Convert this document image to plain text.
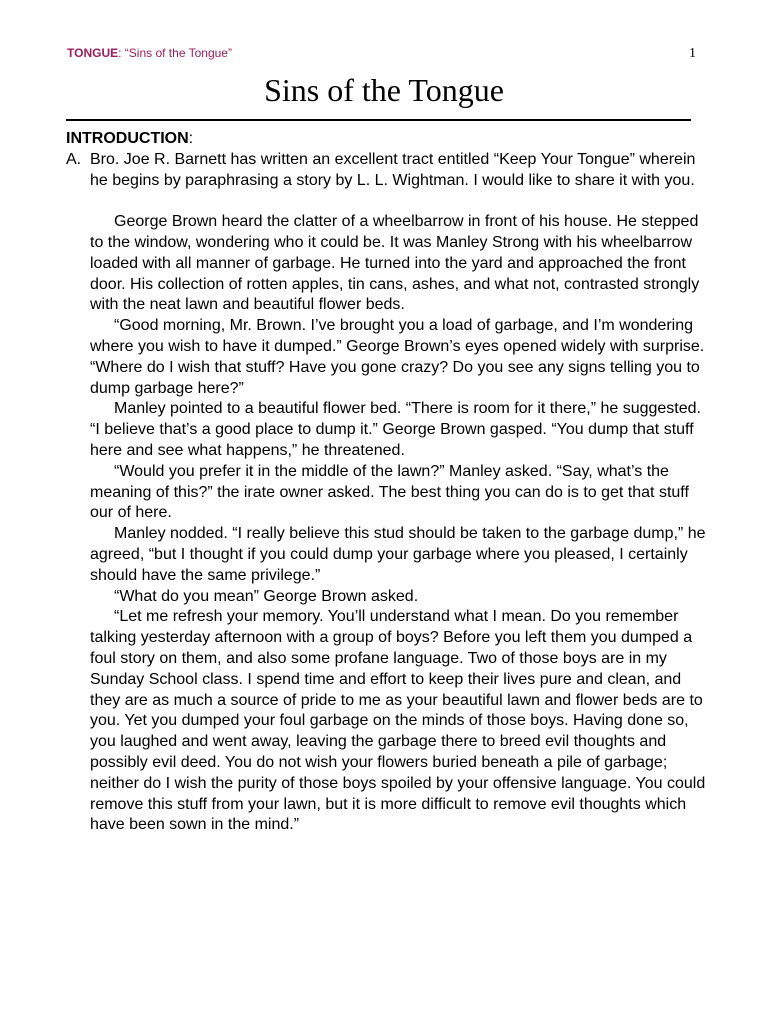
TONGUE: “Sins of the Tongue”	1
Sins of the Tongue

INTRODUCTION:

A. Bro. Joe R. Barnett has written an excellent tract entitled “Keep Your Tongue” wherein he begins by paraphrasing a story by L. L. Wightman. I would like to share it with you.

George Brown heard the clatter of a wheelbarrow in front of his house. He stepped to the window, wondering who it could be. It was Manley Strong with his wheelbarrow loaded with all manner of garbage. He turned into the yard and approached the front door. His collection of rotten apples, tin cans, ashes, and what not, contrasted strongly with the neat lawn and beautiful flower beds.

“Good morning, Mr. Brown. I’ve brought you a load of garbage, and I’m wondering where you wish to have it dumped.” George Brown’s eyes opened widely with surprise. “Where do I wish that stuff? Have you gone crazy? Do you see any signs telling you to dump garbage here?”

Manley pointed to a beautiful flower bed. “There is room for it there,” he suggested. “I believe that’s a good place to dump it.” George Brown gasped. “You dump that stuff here and see what happens,” he threatened.

“Would you prefer it in the middle of the lawn?” Manley asked. “Say, what’s the meaning of this?” the irate owner asked. The best thing you can do is to get that stuff our of here.

Manley nodded. “I really believe this stud should be taken to the garbage dump,” he agreed, “but I thought if you could dump your garbage where you pleased, I certainly should have the same privilege.”

“What do you mean” George Brown asked.

“Let me refresh your memory. You’ll understand what I mean. Do you remember talking yesterday afternoon with a group of boys? Before you left them you dumped a foul story on them, and also some profane language. Two of those boys are in my Sunday School class. I spend time and effort to keep their lives pure and clean, and they are as much a source of pride to me as your beautiful lawn and flower beds are to you. Yet you dumped your foul garbage on the minds of those boys. Having done so, you laughed and went away, leaving the garbage there to breed evil thoughts and possibly evil deed. You do not wish your flowers buried beneath a pile of garbage; neither do I wish the purity of those boys spoiled by your offensive language. You could remove this stuff from your lawn, but it is more difficult to remove evil thoughts which have been sown in the mind.”
